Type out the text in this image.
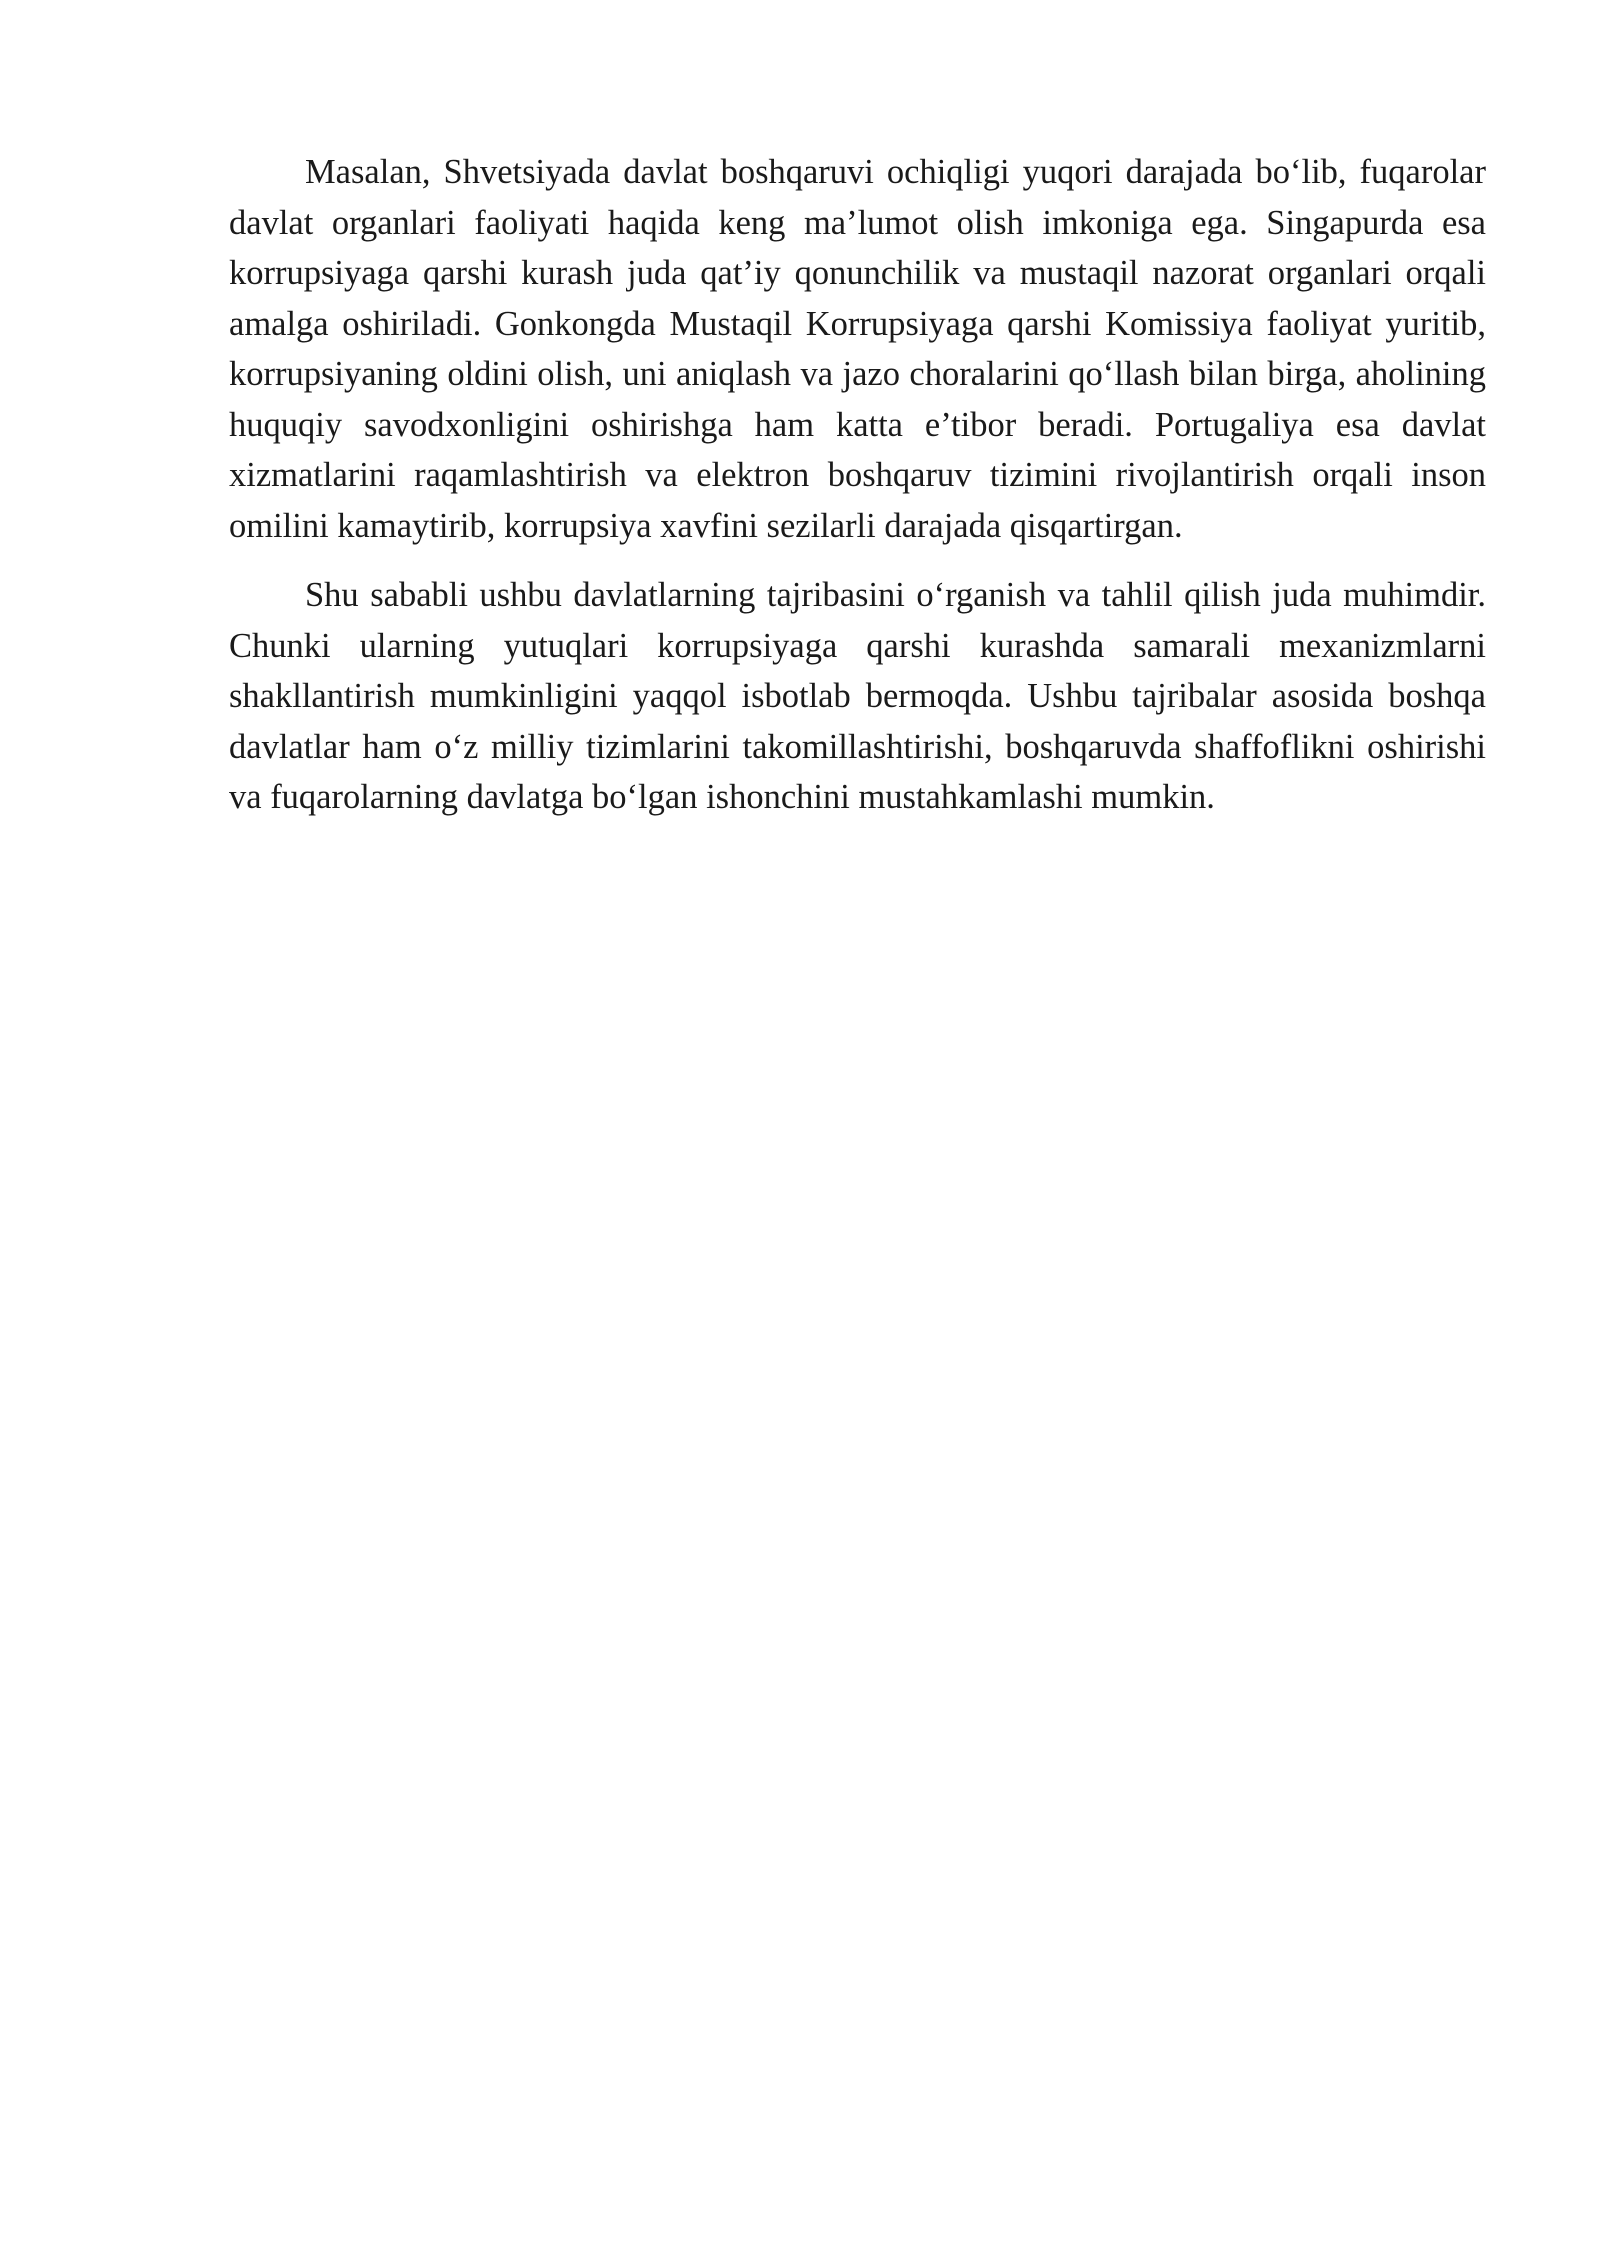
Masalan, Shvetsiyada davlat boshqaruvi ochiqligi yuqori darajada bo‘lib, fuqarolar davlat organlari faoliyati haqida keng ma’lumot olish imkoniga ega. Singapurda esa korrupsiyaga qarshi kurash juda qat’iy qonunchilik va mustaqil nazorat organlari orqali amalga oshiriladi. Gonkongda Mustaqil Korrupsiyaga qarshi Komissiya faoliyat yuritib, korrupsiyaning oldini olish, uni aniqlash va jazo choralarini qo‘llash bilan birga, aholining huquqiy savodxonligini oshirishga ham katta e’tibor beradi. Portugaliya esa davlat xizmatlarini raqamlashtirish va elektron boshqaruv tizimini rivojlantirish orqali inson omilini kamaytirib, korrupsiya xavfini sezilarli darajada qisqartirgan.

Shu sababli ushbu davlatlarning tajribasini o‘rganish va tahlil qilish juda muhimdir. Chunki ularning yutuqlari korrupsiyaga qarshi kurashda samarali mexanizmlarni shakllantirish mumkinligini yaqqol isbotlab bermoqda. Ushbu tajribalar asosida boshqa davlatlar ham o‘z milliy tizimlarini takomillashtirishi, boshqaruvda shaffoflikni oshirishi va fuqarolarning davlatga bo‘lgan ishonchini mustahkamlashi mumkin.
